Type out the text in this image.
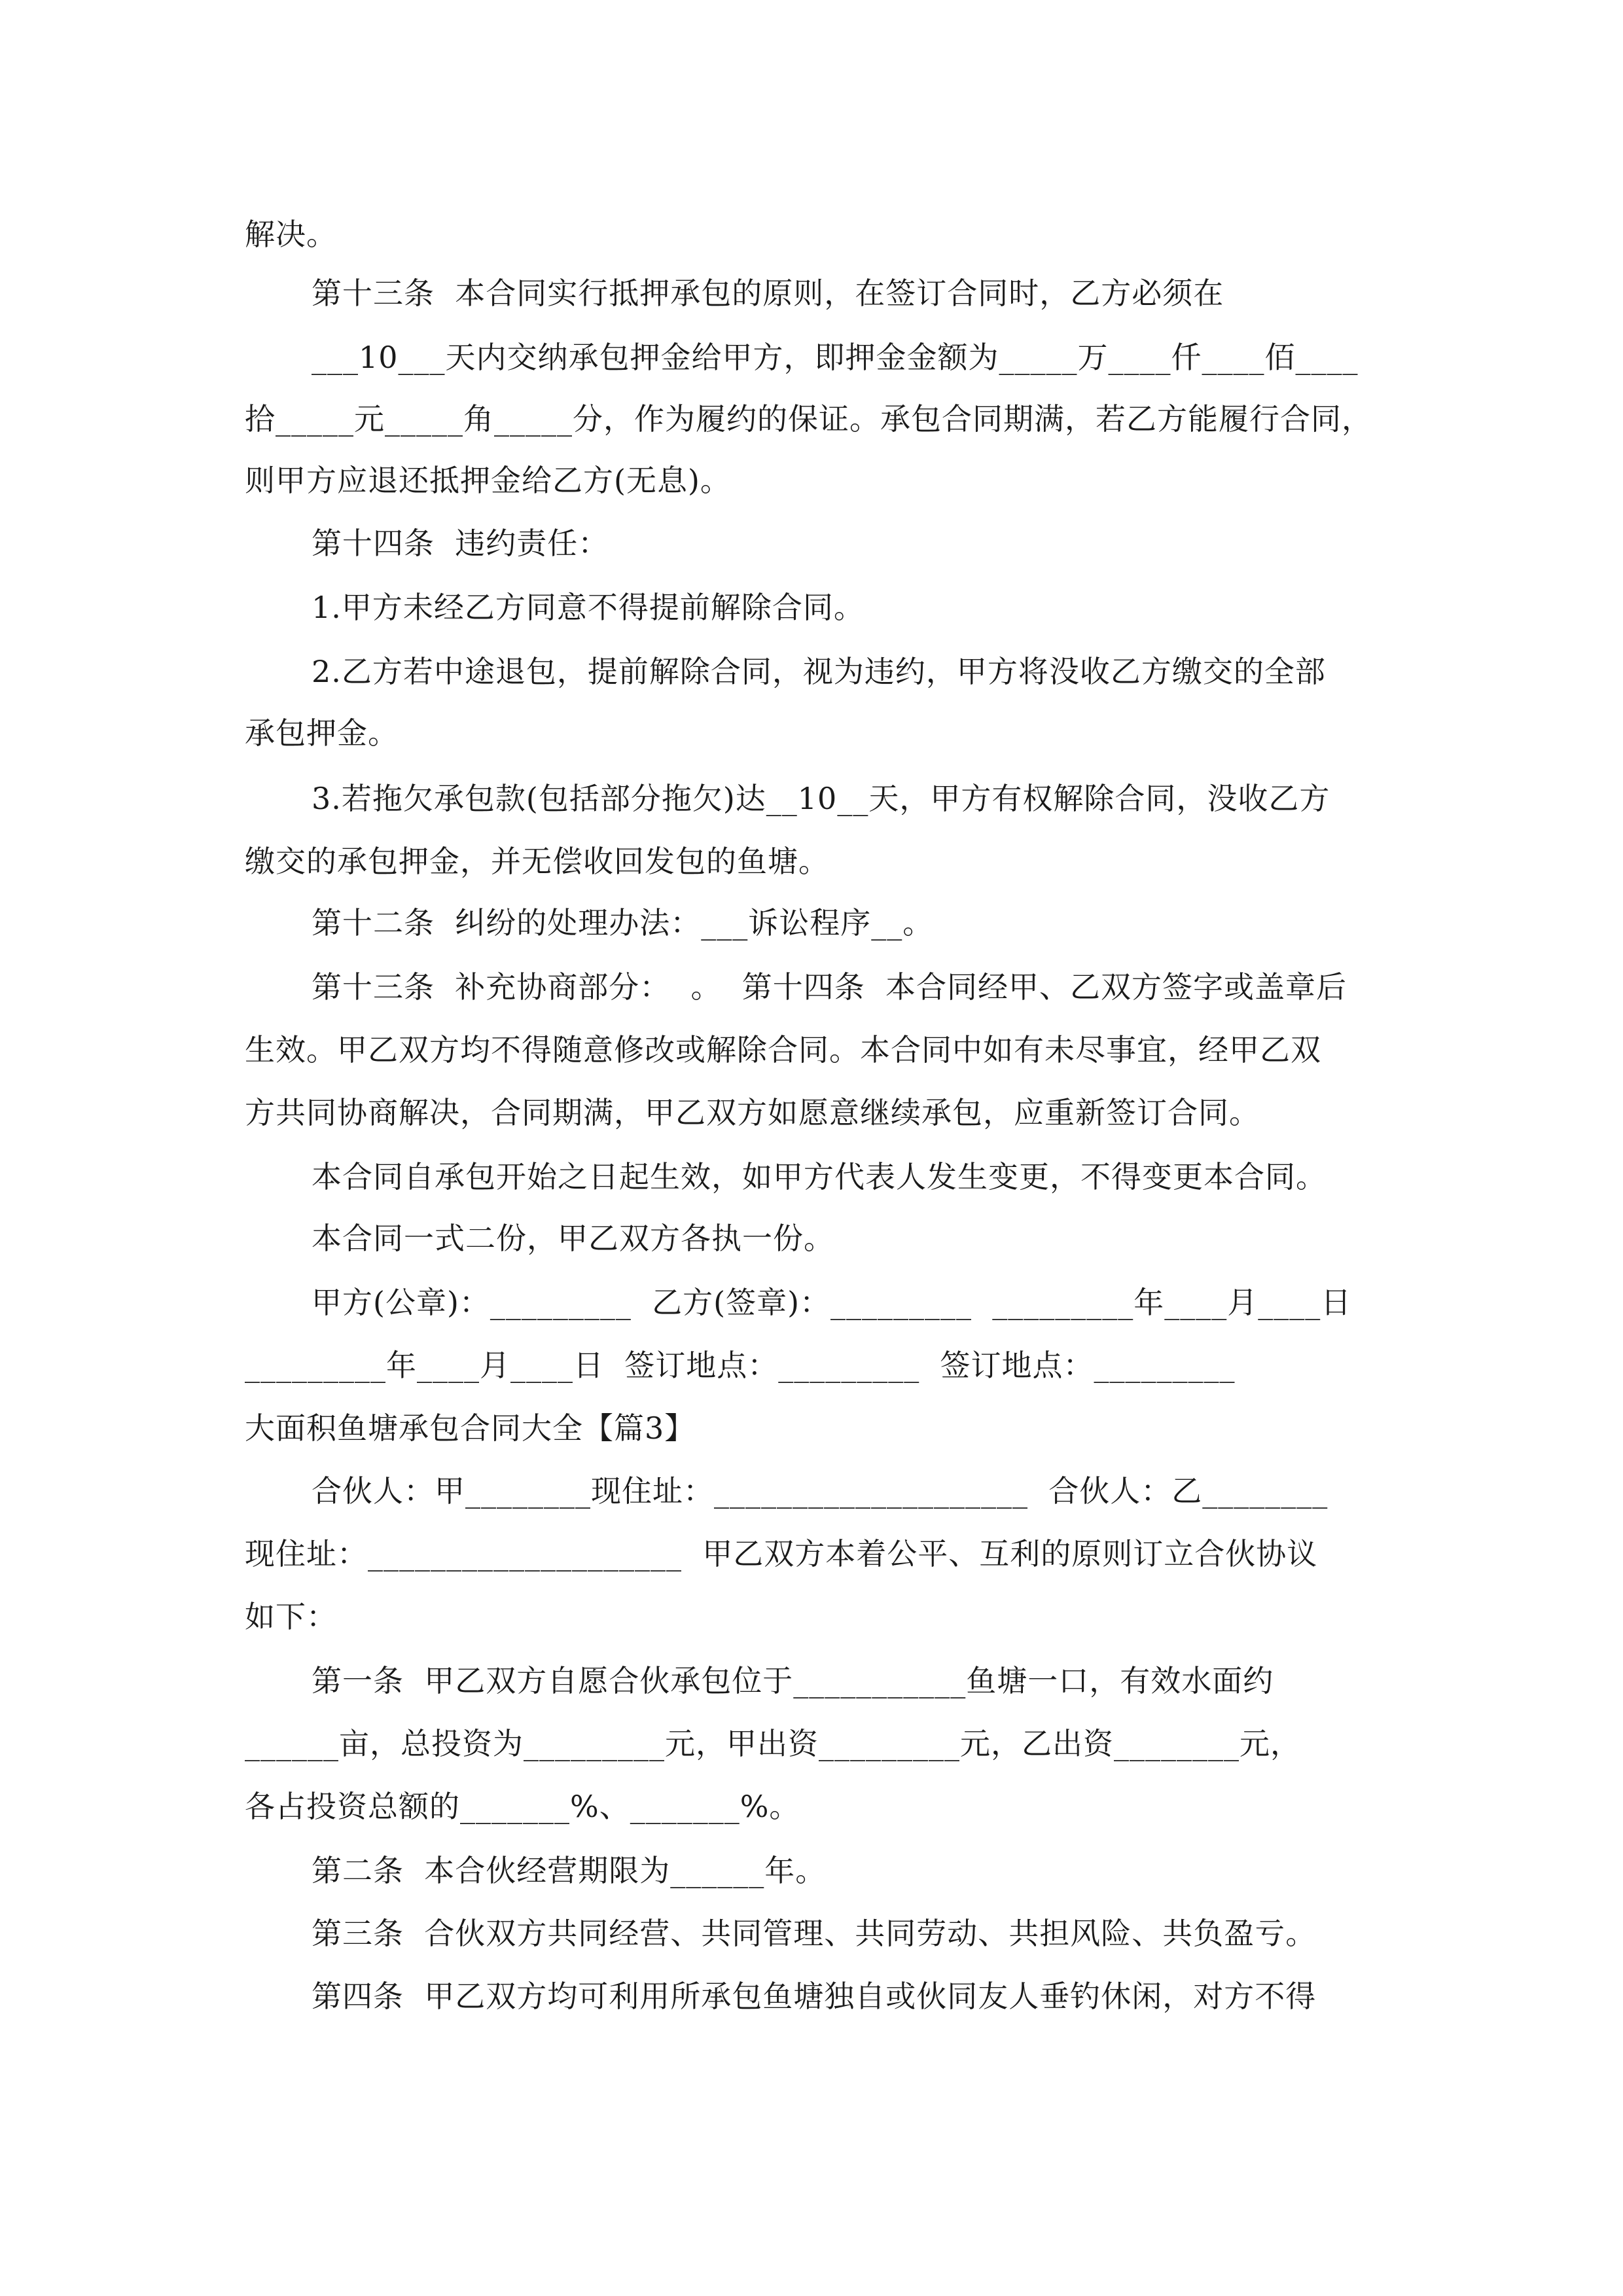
解决。
第十三条  本合同实行抵押承包的原则，在签订合同时，乙方必须在
___10___天内交纳承包押金给甲方，即押金金额为_____万____仟____佰____
拾_____元_____角_____分，作为履约的保证。承包合同期满，若乙方能履行合同，
则甲方应退还抵押金给乙方(无息)。
第十四条  违约责任：
1.甲方未经乙方同意不得提前解除合同。
2.乙方若中途退包，提前解除合同，视为违约，甲方将没收乙方缴交的全部
承包押金。
3.若拖欠承包款(包括部分拖欠)达__10__天，甲方有权解除合同，没收乙方
缴交的承包押金，并无偿收回发包的鱼塘。
第十二条  纠纷的处理办法：___诉讼程序__。
第十三条  补充协商部分：  。  第十四条  本合同经甲、乙双方签字或盖章后
生效。甲乙双方均不得随意修改或解除合同。本合同中如有未尽事宜，经甲乙双
方共同协商解决，合同期满，甲乙双方如愿意继续承包，应重新签订合同。
本合同自承包开始之日起生效，如甲方代表人发生变更，不得变更本合同。
本合同一式二份，甲乙双方各执一份。
甲方(公章)：_________  乙方(签章)：_________  _________年____月____日
_________年____月____日  签订地点：_________  签订地点：_________
大面积鱼塘承包合同大全【篇3】
合伙人：甲________现住址：____________________  合伙人：乙________
现住址：____________________  甲乙双方本着公平、互利的原则订立合伙协议
如下：
第一条  甲乙双方自愿合伙承包位于___________鱼塘一口，有效水面约
______亩，总投资为_________元，甲出资_________元，乙出资________元，
各占投资总额的_______%、_______%。
第二条  本合伙经营期限为______年。
第三条  合伙双方共同经营、共同管理、共同劳动、共担风险、共负盈亏。
第四条  甲乙双方均可利用所承包鱼塘独自或伙同友人垂钓休闲，对方不得
